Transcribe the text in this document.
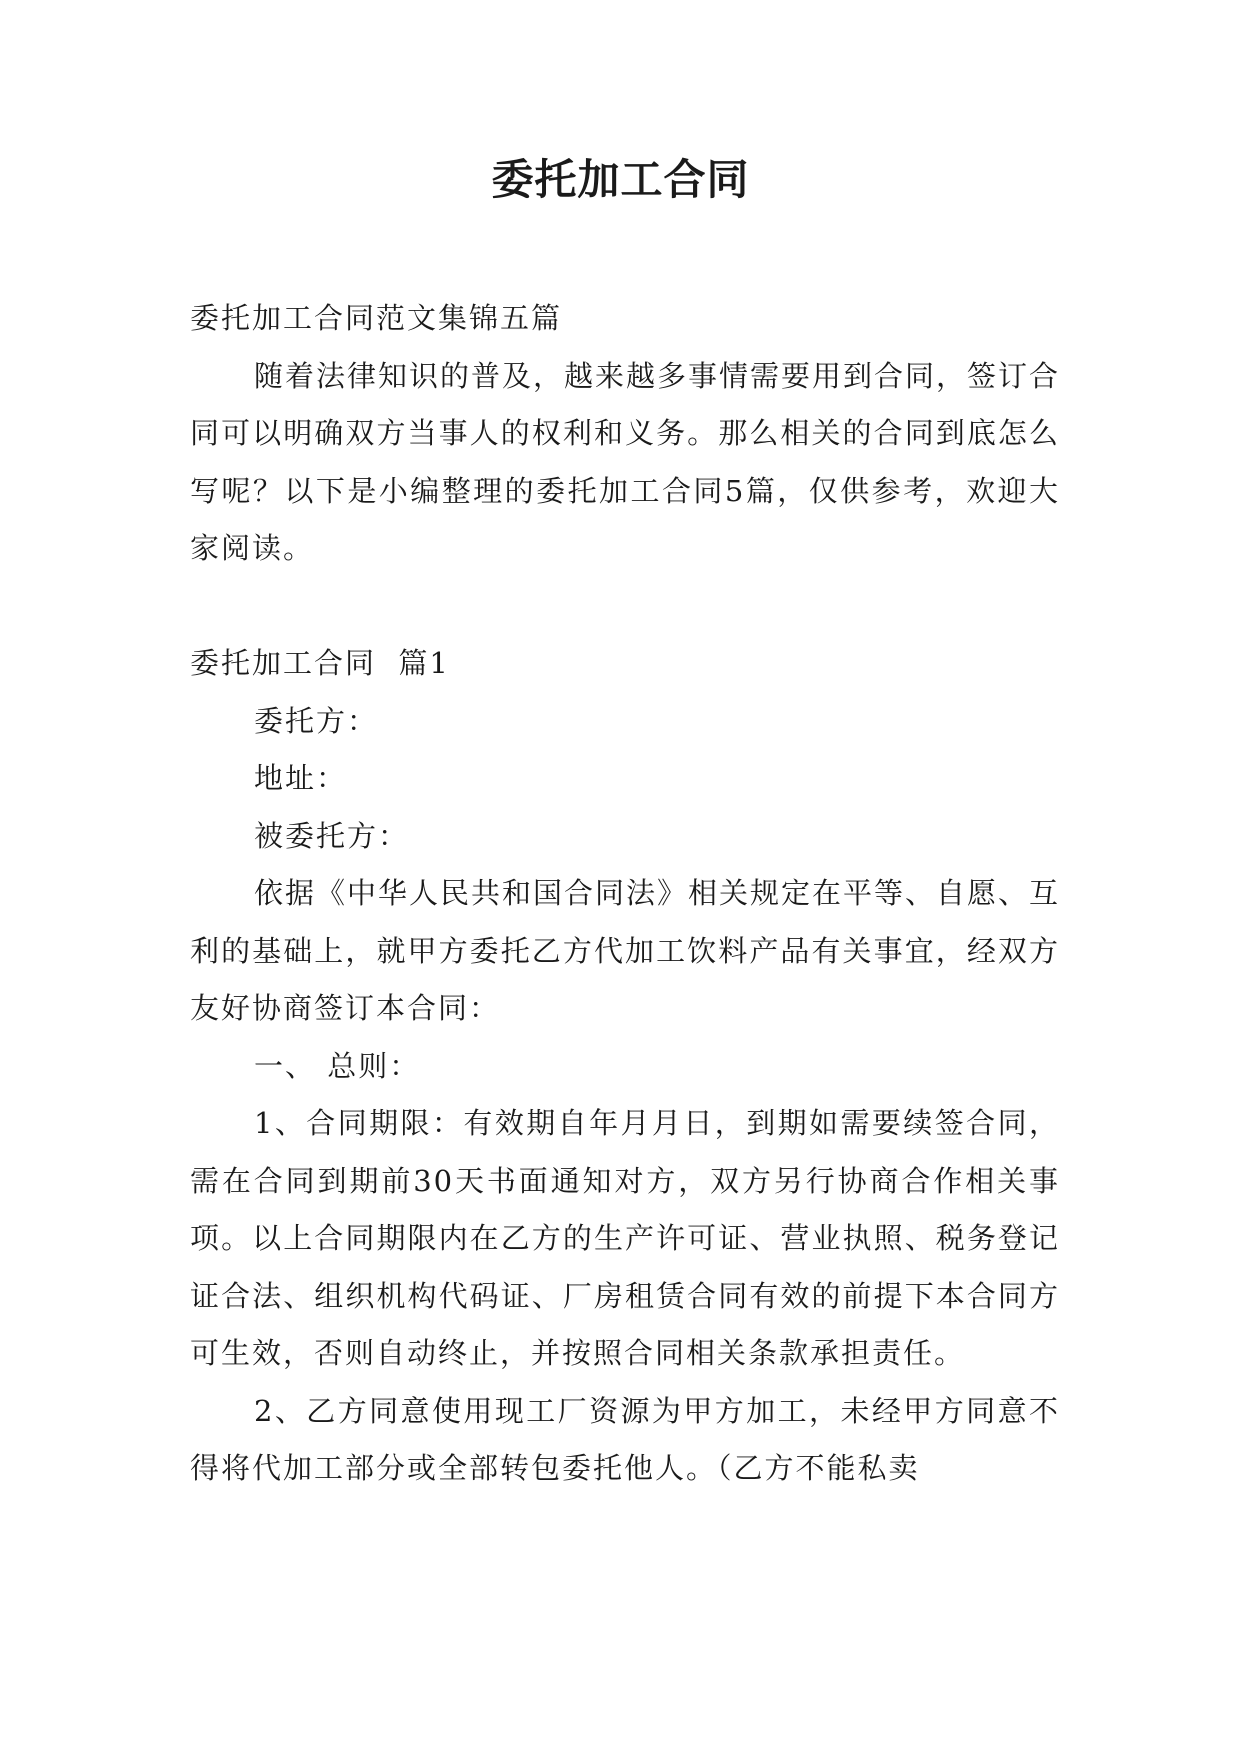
委托加工合同

委托加工合同范文集锦五篇

随着法律知识的普及，越来越多事情需要用到合同，签订合同可以明确双方当事人的权利和义务。那么相关的合同到底怎么写呢？以下是小编整理的委托加工合同5篇，仅供参考，欢迎大家阅读。

委托加工合同  篇1

委托方：

地址：

被委托方：

依据《中华人民共和国合同法》相关规定在平等、自愿、互利的基础上，就甲方委托乙方代加工饮料产品有关事宜，经双方友好协商签订本合同：

一、 总则：

1、合同期限：有效期自年月月日，到期如需要续签合同，需在合同到期前30天书面通知对方，双方另行协商合作相关事项。以上合同期限内在乙方的生产许可证、营业执照、税务登记证合法、组织机构代码证、厂房租赁合同有效的前提下本合同方可生效，否则自动终止，并按照合同相关条款承担责任。

2、乙方同意使用现工厂资源为甲方加工，未经甲方同意不得将代加工部分或全部转包委托他人。（乙方不能私卖
